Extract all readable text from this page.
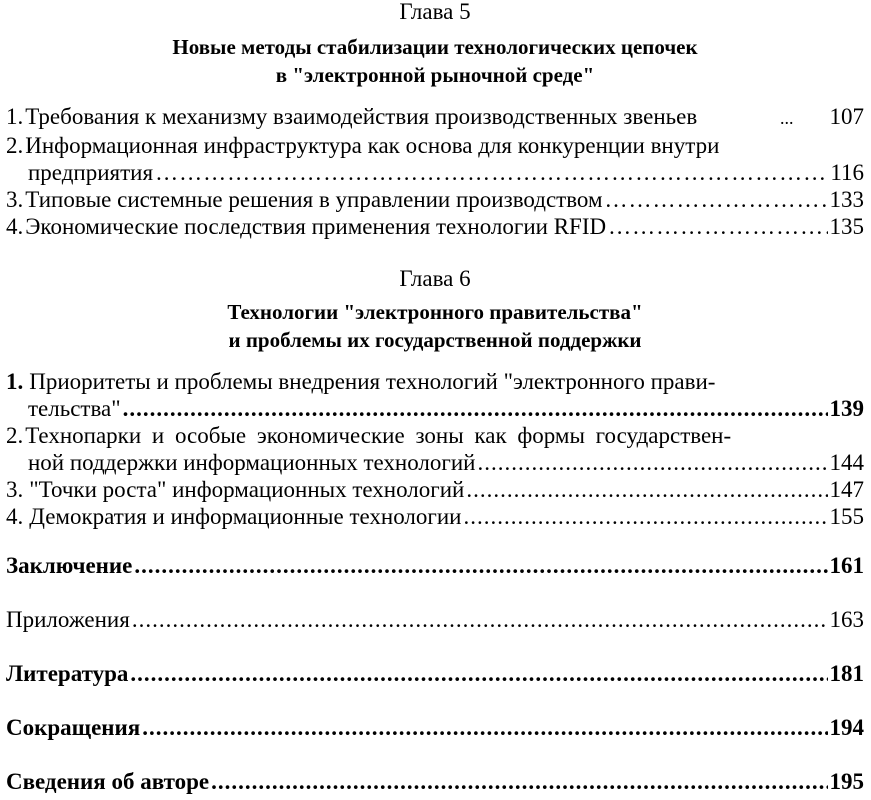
Глава 5
Новые методы стабилизации технологических цепочек
в "электронной рыночной среде"
1. Требования к механизму взаимодействия производственных звеньев	... 107
2. Информационная инфраструктура как основа для конкуренции внутри
предприятия ……………………………………………………………………………………………………………………………………………………………………	116
3. Типовые системные решения в управлении производством ……………………………………………………………………………………………………………………………………………………………………	133
4. Экономические последствия применения технологии RFID ……………………………………………………………………………………………………………………………………………………………………	135
Глава 6
Технологии "электронного правительства"
и проблемы их государственной поддержки
1. Приоритеты и проблемы внедрения технологий "электронного прави-
тельства" .....	139
2. Технопарки и особые экономические зоны как формы государствен-
ной поддержки информационных технологий .....	144
3. "Точки роста" информационных технологий .....	147
4. Демократия и информационные технологии .....	155
Заключение .....	161
Приложения .....	163
Литература .....	181
Сокращения .....	194
Сведения об авторе .....	195
